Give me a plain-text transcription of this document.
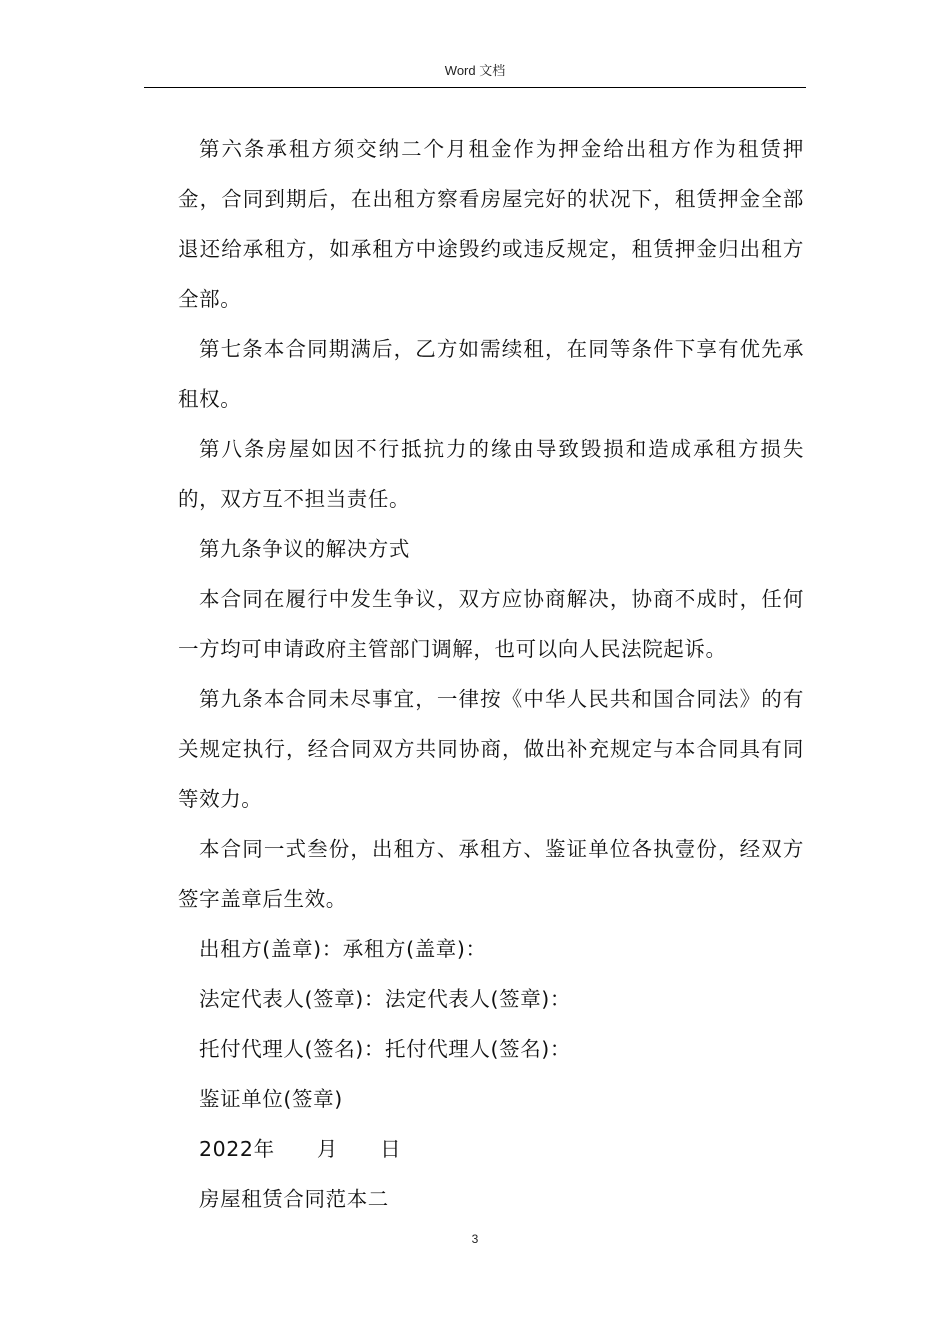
Word 文档

第六条承租方须交纳二个月租金作为押金给出租方作为租赁押金，合同到期后，在出租方察看房屋完好的状况下，租赁押金全部退还给承租方，如承租方中途毁约或违反规定，租赁押金归出租方全部。

第七条本合同期满后，乙方如需续租，在同等条件下享有优先承租权。

第八条房屋如因不行抵抗力的缘由导致毁损和造成承租方损失的，双方互不担当责任。

第九条争议的解决方式

本合同在履行中发生争议，双方应协商解决，协商不成时，任何一方均可申请政府主管部门调解，也可以向人民法院起诉。

第九条本合同未尽事宜，一律按《中华人民共和国合同法》的有关规定执行，经合同双方共同协商，做出补充规定与本合同具有同等效力。

本合同一式叁份，出租方、承租方、鉴证单位各执壹份，经双方签字盖章后生效。

出租方(盖章)：承租方(盖章)：

法定代表人(签章)：法定代表人(签章)：

托付代理人(签名)：托付代理人(签名)：

鉴证单位(签章)

2022年　　月　　日

房屋租赁合同范本二

3
